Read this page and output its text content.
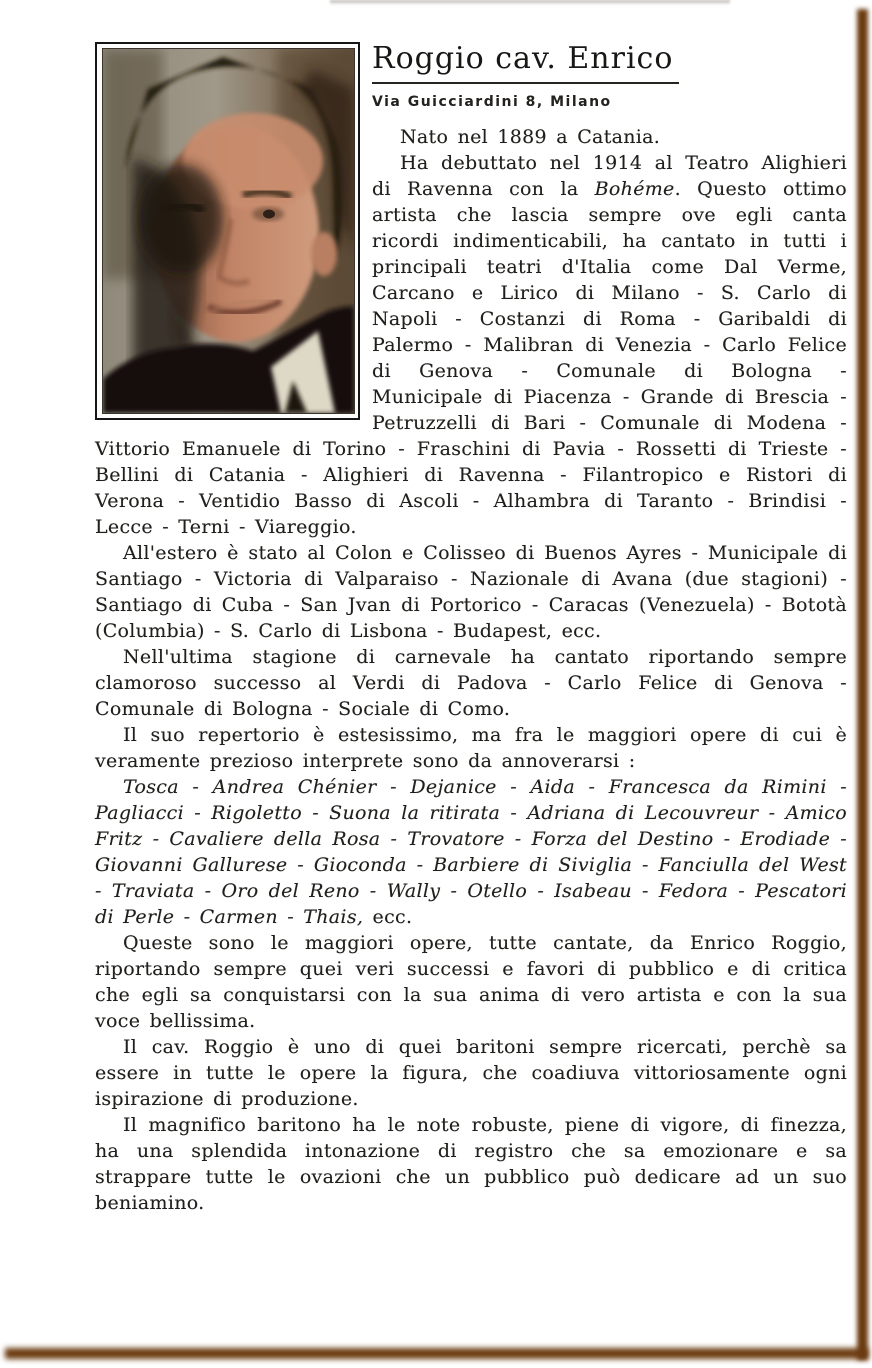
Roggio cav. Enrico
Via Guicciardini 8, Milano

Nato nel 1889 a Catania.

Ha debuttato nel 1914 al Teatro Alighieri di Ravenna con la Bohéme. Questo ottimo artista che lascia sempre ove egli canta ricordi indimenticabili, ha cantato in tutti i principali teatri d'Italia come Dal Verme, Carcano e Lirico di Milano - S. Carlo di Napoli - Costanzi di Roma - Garibaldi di Palermo - Malibran di Venezia - Carlo Felice di Genova - Comunale di Bologna - Municipale di Piacenza - Grande di Brescia - Petruzzelli di Bari - Comunale di Modena - Vittorio Emanuele di Torino - Fraschini di Pavia - Rossetti di Trieste - Bellini di Catania - Alighieri di Ravenna - Filantropico e Ristori di Verona - Ventidio Basso di Ascoli - Alhambra di Taranto - Brindisi - Lecce - Terni - Viareggio.

All'estero è stato al Colon e Colisseo di Buenos Ayres - Municipale di Santiago - Victoria di Valparaiso - Nazionale di Avana (due stagioni) - Santiago di Cuba - San Jvan di Portorico - Caracas (Venezuela) - Bototà (Columbia) - S. Carlo di Lisbona - Budapest, ecc.

Nell'ultima stagione di carnevale ha cantato riportando sempre clamoroso successo al Verdi di Padova - Carlo Felice di Genova - Comunale di Bologna - Sociale di Como.

Il suo repertorio è estesissimo, ma fra le maggiori opere di cui è veramente prezioso interprete sono da annoverarsi :

Tosca - Andrea Chénier - Dejanice - Aida - Francesca da Rimini - Pagliacci - Rigoletto - Suona la ritirata - Adriana di Lecouvreur - Amico Fritz - Cavaliere della Rosa - Trovatore - Forza del Destino - Erodiade - Giovanni Gallurese - Gioconda - Barbiere di Siviglia - Fanciulla del West - Traviata - Oro del Reno - Wally - Otello - Isabeau - Fedora - Pescatori di Perle - Carmen - Thais, ecc.

Queste sono le maggiori opere, tutte cantate, da Enrico Roggio, riportando sempre quei veri successi e favori di pubblico e di critica che egli sa conquistarsi con la sua anima di vero artista e con la sua voce bellissima.

Il cav. Roggio è uno di quei baritoni sempre ricercati, perchè sa essere in tutte le opere la figura, che coadiuva vittoriosamente ogni ispirazione di produzione.

Il magnifico baritono ha le note robuste, piene di vigore, di finezza, ha una splendida intonazione di registro che sa emozionare e sa strappare tutte le ovazioni che un pubblico può dedicare ad un suo beniamino.
